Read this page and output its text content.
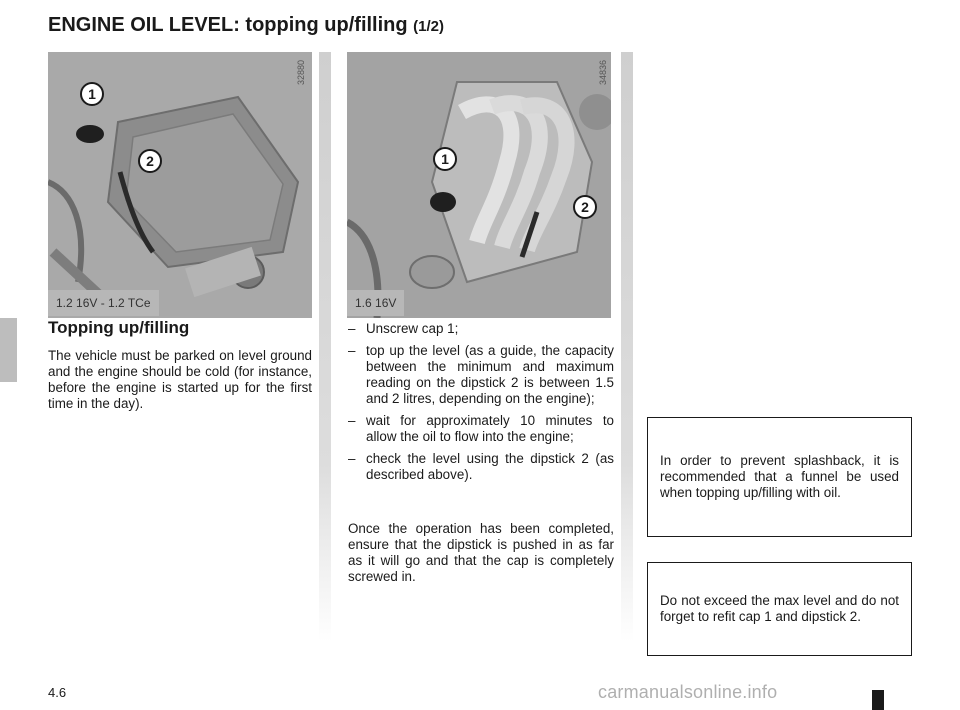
ENGINE OIL LEVEL: topping up/filling (1/2)
1
2
32880
1.2 16V - 1.2 TCe
1
2
34836
1.6 16V
Topping up/filling

The vehicle must be parked on level ground and the engine should be cold (for instance, before the engine is started up for the first time in the day).

– Unscrew cap 1;
– top up the level (as a guide, the capacity between the minimum and maximum reading on the dipstick 2 is between 1.5 and 2 litres, depending on the engine);
– wait for approximately 10 minutes to allow the oil to flow into the engine;
– check the level using the dipstick 2 (as described above).

Once the operation has been completed, ensure that the dipstick is pushed in as far as it will go and that the cap is completely screwed in.

In order to prevent splashback, it is recommended that a funnel be used when topping up/filling with oil.

Do not exceed the max level and do not forget to refit cap 1 and dipstick 2.

4.6	carmanualsonline.info
